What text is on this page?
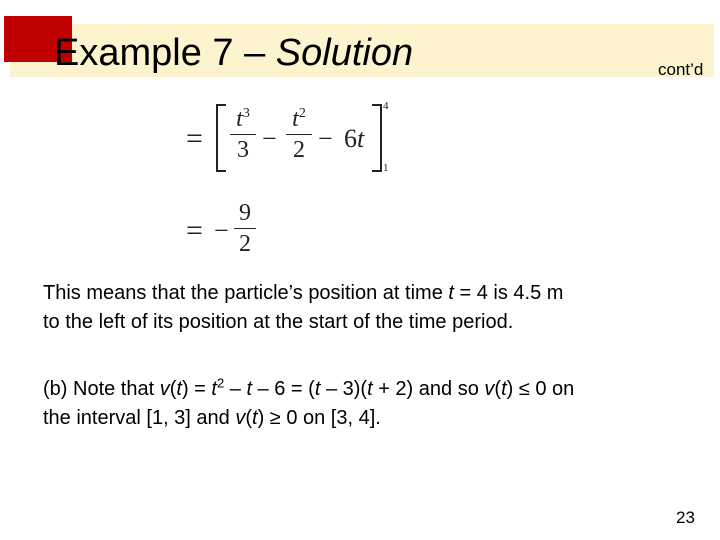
Example 7 – Solution	cont’d
=
$t^3$
3 −
$t^2$
2 − 6t
4
1
= −
9
2
This means that the particle’s position at time t = 4 is 4.5 m
to the left of its position at the start of the time period.
(b) Note that $v(t) = t^2 - t - 6 = (t - 3)(t + 2)$ and so v(t) ≤ 0 on
the interval [1, 3] and v(t) ≥ 0 on [3, 4].
23
